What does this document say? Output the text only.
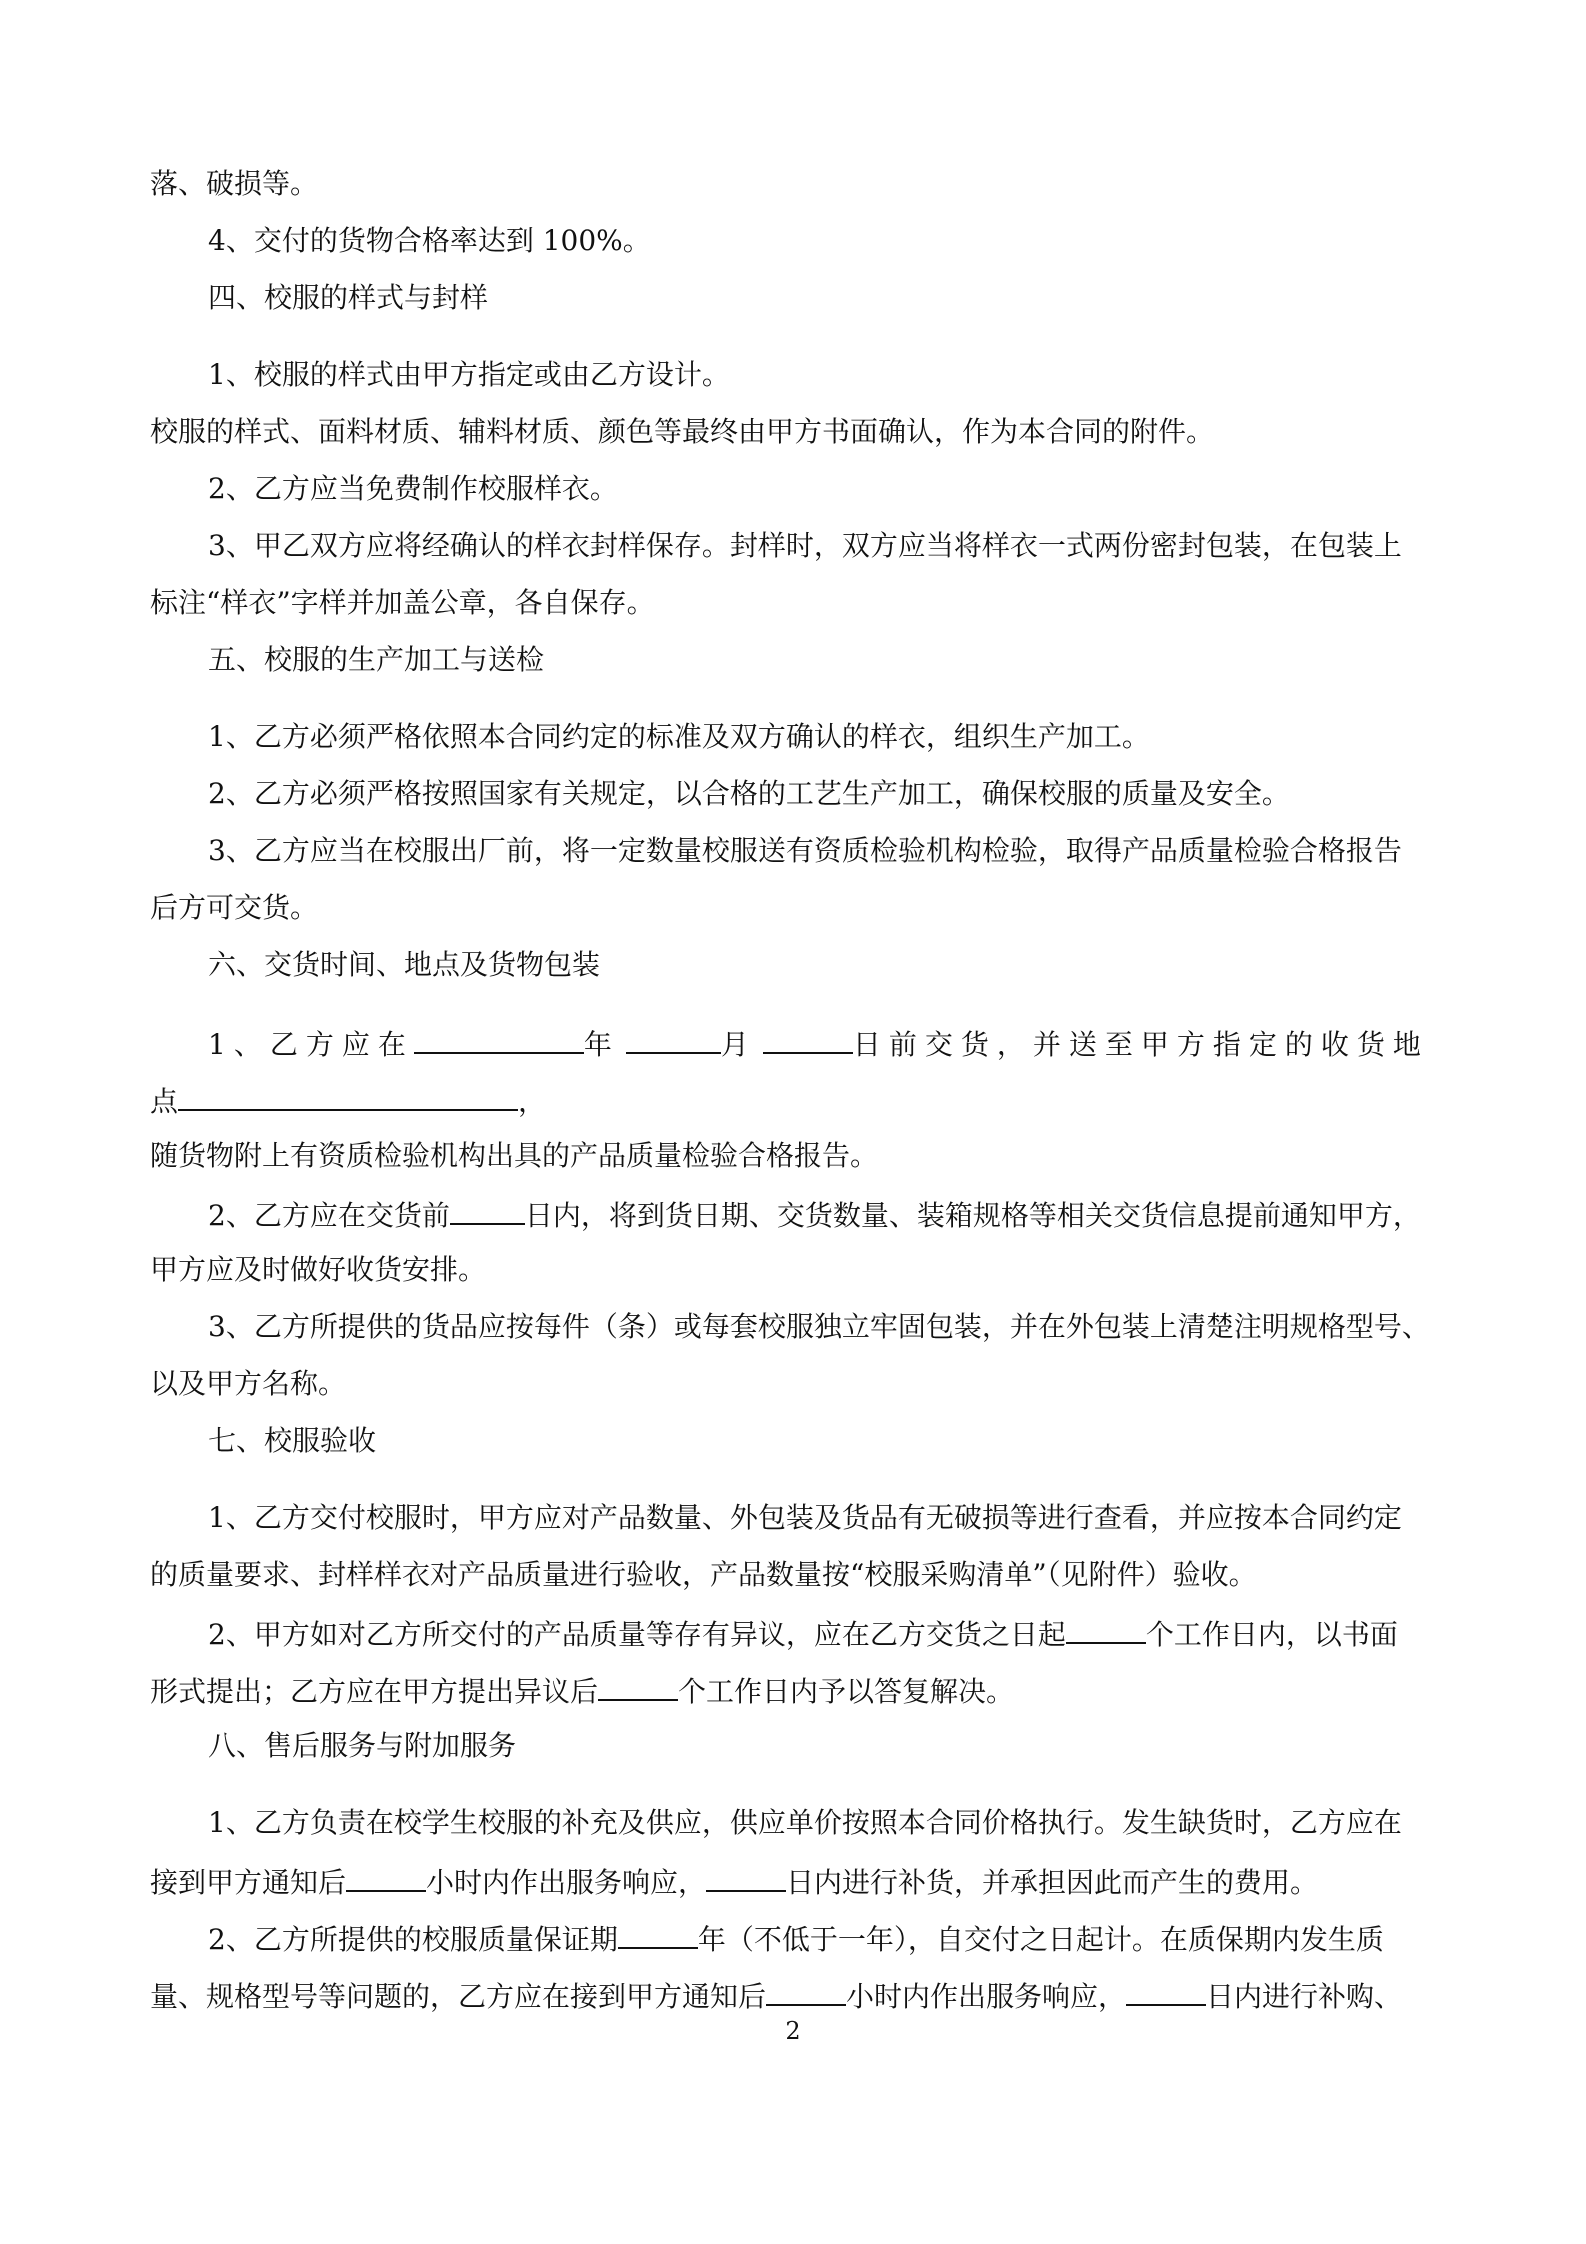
落、破损等。
4、交付的货物合格率达到 100%。
四、校服的样式与封样
1、校服的样式由甲方指定或由乙方设计。
校服的样式、面料材质、辅料材质、颜色等最终由甲方书面确认，作为本合同的附件。
2、乙方应当免费制作校服样衣。
3、甲乙双方应将经确认的样衣封样保存。封样时，双方应当将样衣一式两份密封包装，在包装上
标注“样衣”字样并加盖公章，各自保存。
五、校服的生产加工与送检
1、乙方必须严格依照本合同约定的标准及双方确认的样衣，组织生产加工。
2、乙方必须严格按照国家有关规定，以合格的工艺生产加工，确保校服的质量及安全。
3、乙方应当在校服出厂前，将一定数量校服送有资质检验机构检验，取得产品质量检验合格报告
后方可交货。
六、交货时间、地点及货物包装
1、乙方应在	年	月	日前交货，并送至甲方指定的收货地
点	，
随货物附上有资质检验机构出具的产品质量检验合格报告。
2、乙方应在交货前	日内，将到货日期、交货数量、装箱规格等相关交货信息提前通知甲方，
甲方应及时做好收货安排。
3、乙方所提供的货品应按每件（条）或每套校服独立牢固包装，并在外包装上清楚注明规格型号、
以及甲方名称。
七、校服验收
1、乙方交付校服时，甲方应对产品数量、外包装及货品有无破损等进行查看，并应按本合同约定
的质量要求、封样样衣对产品质量进行验收，产品数量按“校服采购清单”（见附件）验收。
2、甲方如对乙方所交付的产品质量等存有异议，应在乙方交货之日起	个工作日内，以书面
形式提出；乙方应在甲方提出异议后	个工作日内予以答复解决。
八、售后服务与附加服务
1、乙方负责在校学生校服的补充及供应，供应单价按照本合同价格执行。发生缺货时，乙方应在
接到甲方通知后	小时内作出服务响应，	日内进行补货，并承担因此而产生的费用。
2、乙方所提供的校服质量保证期	年（不低于一年），自交付之日起计。在质保期内发生质
量、规格型号等问题的，乙方应在接到甲方通知后	小时内作出服务响应，	日内进行补购、
2
